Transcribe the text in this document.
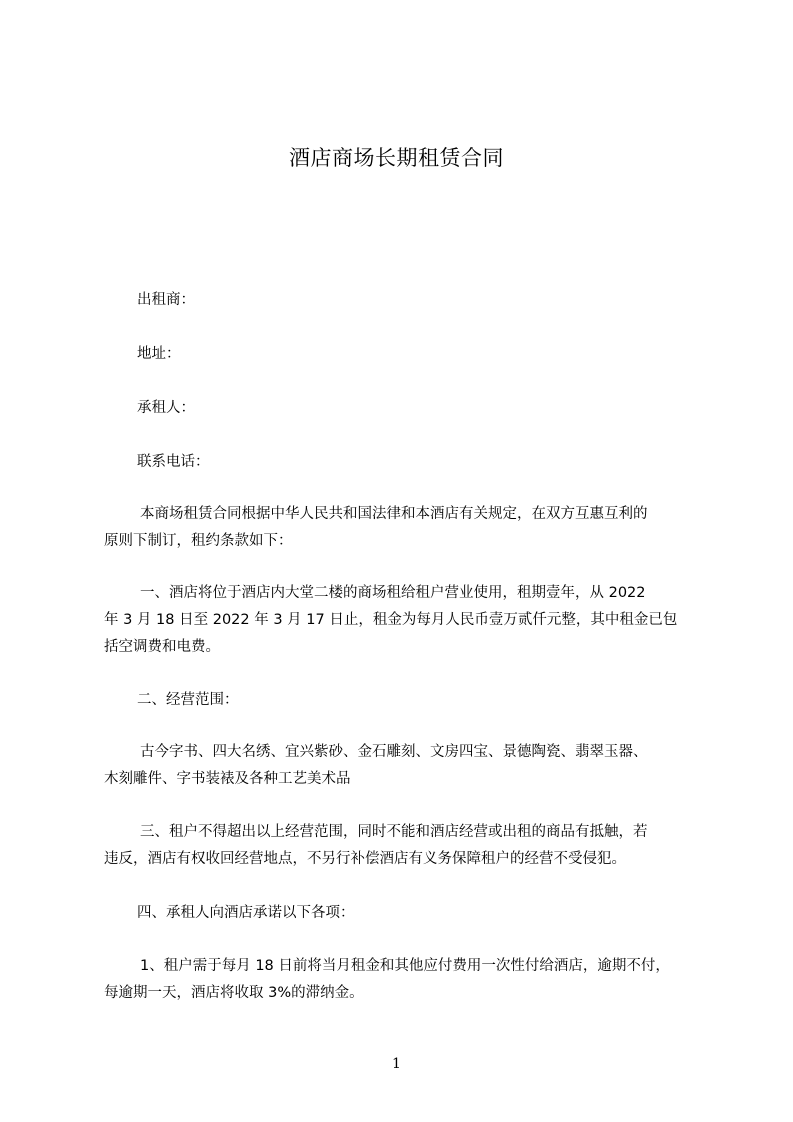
酒店商场长期租赁合同
出租商：
地址：
承租人：
联系电话：
本商场租赁合同根据中华人民共和国法律和本酒店有关规定，在双方互惠互利的
原则下制订，租约条款如下：
一、酒店将位于酒店内大堂二楼的商场租给租户营业使用，租期壹年，从 2022
年 3 月 18 日至 2022 年 3 月 17 日止，租金为每月人民币壹万贰仟元整，其中租金已包
括空调费和电费。
二、经营范围：
古今字书、四大名绣、宜兴紫砂、金石雕刻、文房四宝、景德陶瓷、翡翠玉器、
木刻雕件、字书装裱及各种工艺美术品
三、租户不得超出以上经营范围，同时不能和酒店经营或出租的商品有抵触，若
违反，酒店有权收回经营地点，不另行补偿酒店有义务保障租户的经营不受侵犯。
四、承租人向酒店承诺以下各项：
1、租户需于每月 18 日前将当月租金和其他应付费用一次性付给酒店，逾期不付，
每逾期一天，酒店将收取 3%的滞纳金。
1
